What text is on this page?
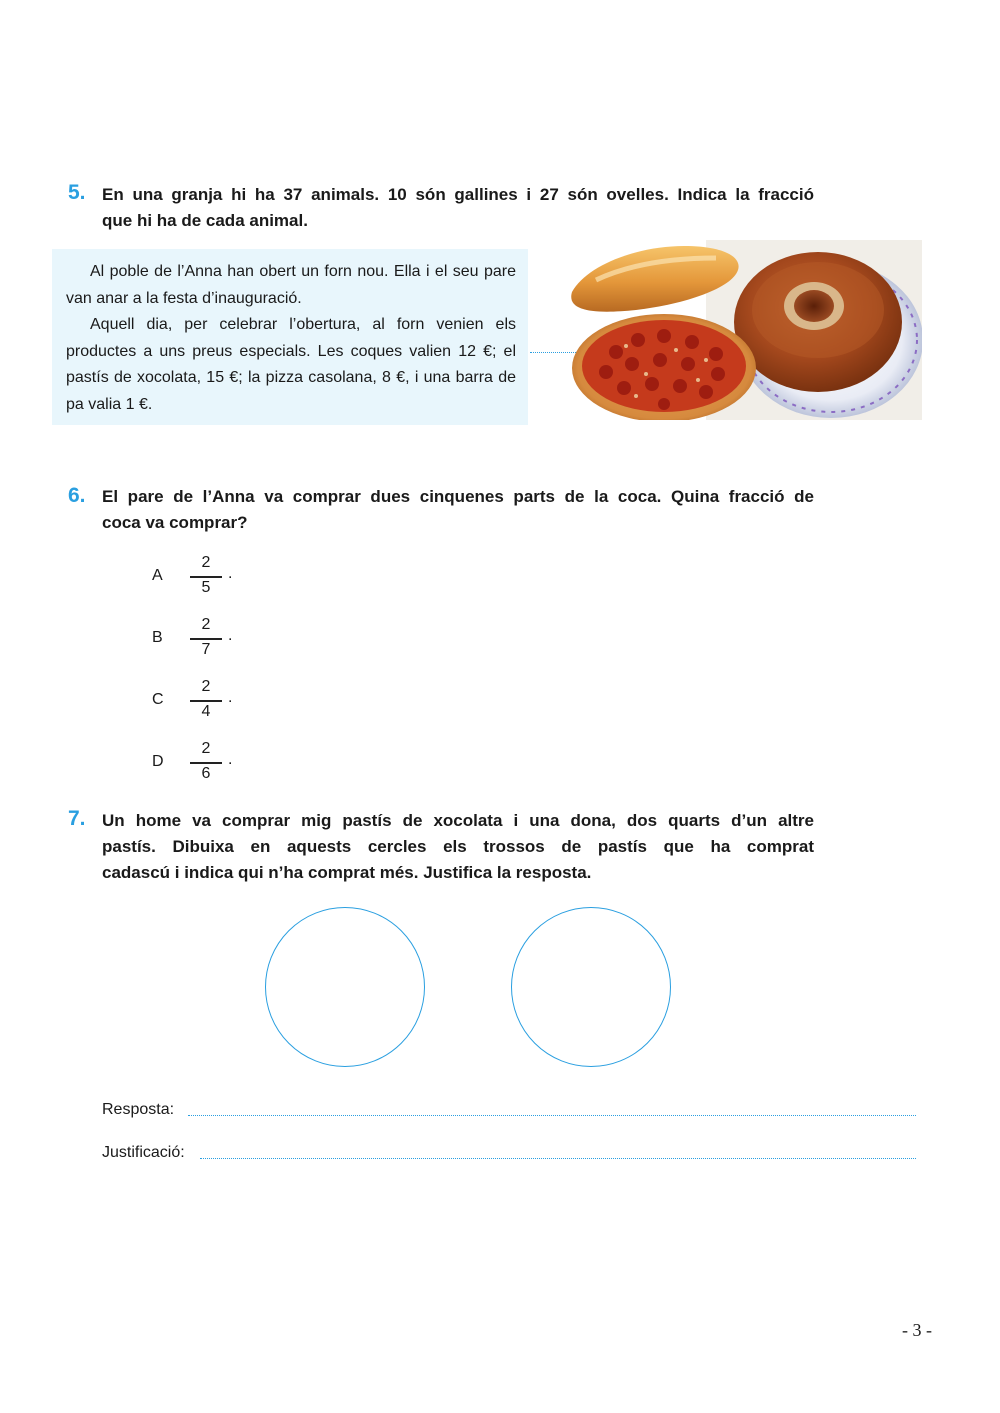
5. En una granja hi ha 37 animals. 10 són gallines i 27 són ovelles. Indica la fracció
que hi ha de cada animal.

Al poble de l’Anna han obert un forn nou. Ella i el seu pare van anar a la festa d’inauguració.

Aquell dia, per celebrar l’obertura, al forn venien els productes a uns preus especials. Les coques valien 12 €; el pastís de xocolata, 15 €; la pizza casolana, 8 €, i una barra de pa valia 1 €.

6. El pare de l’Anna va comprar dues cinquenes parts de la coca. Quina fracció de
coca va comprar?
A
2
5
.
B
2
7
.
C
2
4
.
D
2
6
.
7. Un home va comprar mig pastís de xocolata i una dona, dos quarts d’un altre
pastís. Dibuixa en aquests cercles els trossos de pastís que ha comprat
cadascú i indica qui n’ha comprat més. Justifica la resposta.
Resposta:
Justificació:
- 3 -
